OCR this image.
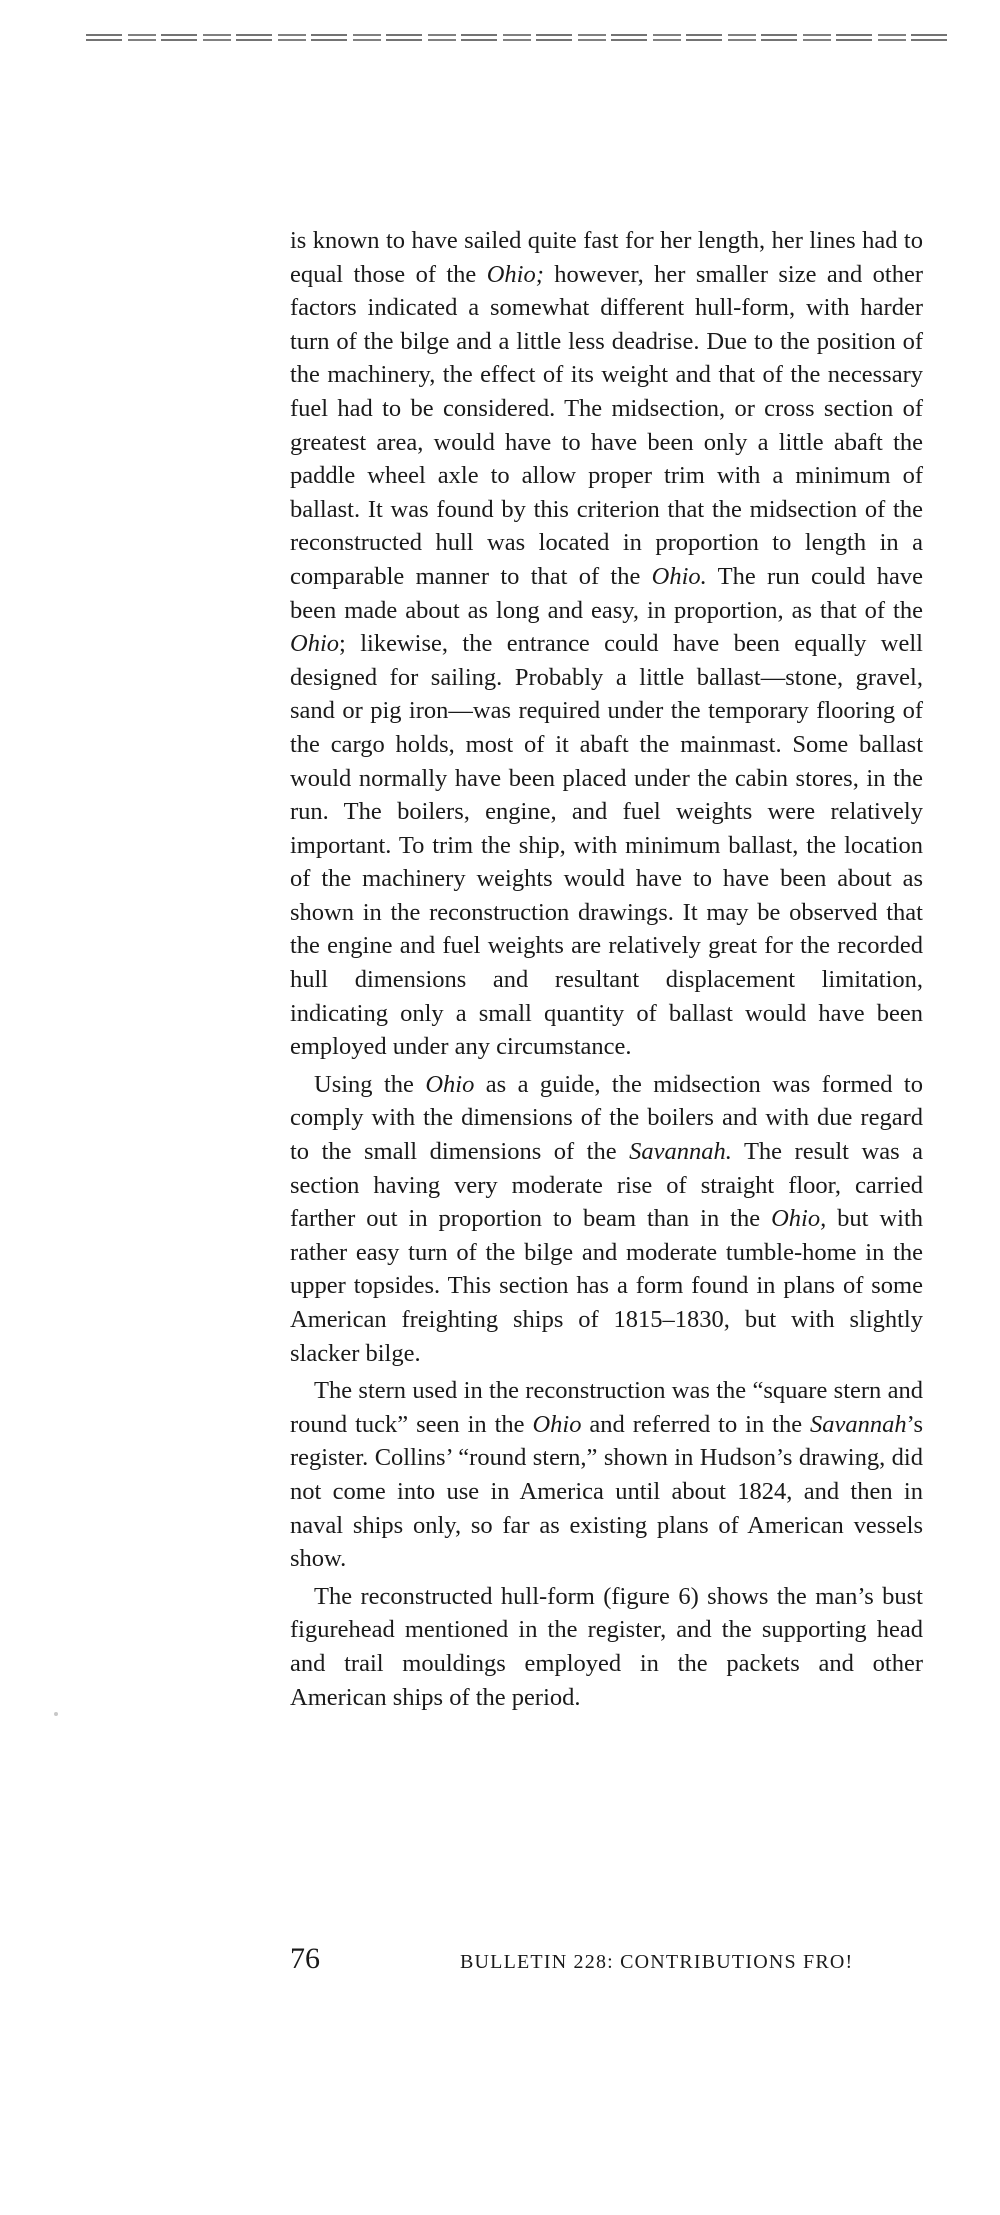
is known to have sailed quite fast for her length, her lines had to equal those of the Ohio; however, her smaller size and other factors indicated a somewhat different hull-form, with harder turn of the bilge and a little less deadrise. Due to the position of the machinery, the effect of its weight and that of the necessary fuel had to be considered. The midsection, or cross section of greatest area, would have to have been only a little abaft the paddle wheel axle to allow proper trim with a minimum of ballast. It was found by this criterion that the midsection of the reconstructed hull was located in proportion to length in a comparable manner to that of the Ohio. The run could have been made about as long and easy, in proportion, as that of the Ohio; likewise, the entrance could have been equally well designed for sailing. Probably a little ballast—stone, gravel, sand or pig iron—was required under the temporary flooring of the cargo holds, most of it abaft the mainmast. Some ballast would normally have been placed under the cabin stores, in the run. The boilers, engine, and fuel weights were relatively important. To trim the ship, with minimum ballast, the location of the machinery weights would have to have been about as shown in the reconstruction drawings. It may be observed that the engine and fuel weights are relatively great for the recorded hull dimensions and resultant displacement limitation, indicating only a small quantity of ballast would have been employed under any circumstance.

Using the Ohio as a guide, the midsection was formed to comply with the dimensions of the boilers and with due regard to the small dimensions of the Savannah. The result was a section having very moderate rise of straight floor, carried farther out in proportion to beam than in the Ohio, but with rather easy turn of the bilge and moderate tumble-home in the upper topsides. This section has a form found in plans of some American freighting ships of 1815–1830, but with slightly slacker bilge.

The stern used in the reconstruction was the “square stern and round tuck” seen in the Ohio and referred to in the Savannah’s register. Collins’ “round stern,” shown in Hudson’s drawing, did not come into use in America until about 1824, and then in naval ships only, so far as existing plans of American vessels show.

The reconstructed hull-form (figure 6) shows the man’s bust figurehead mentioned in the register, and the supporting head and trail mouldings employed in the packets and other American ships of the period.

76	BULLETIN 228: CONTRIBUTIONS FRO!
